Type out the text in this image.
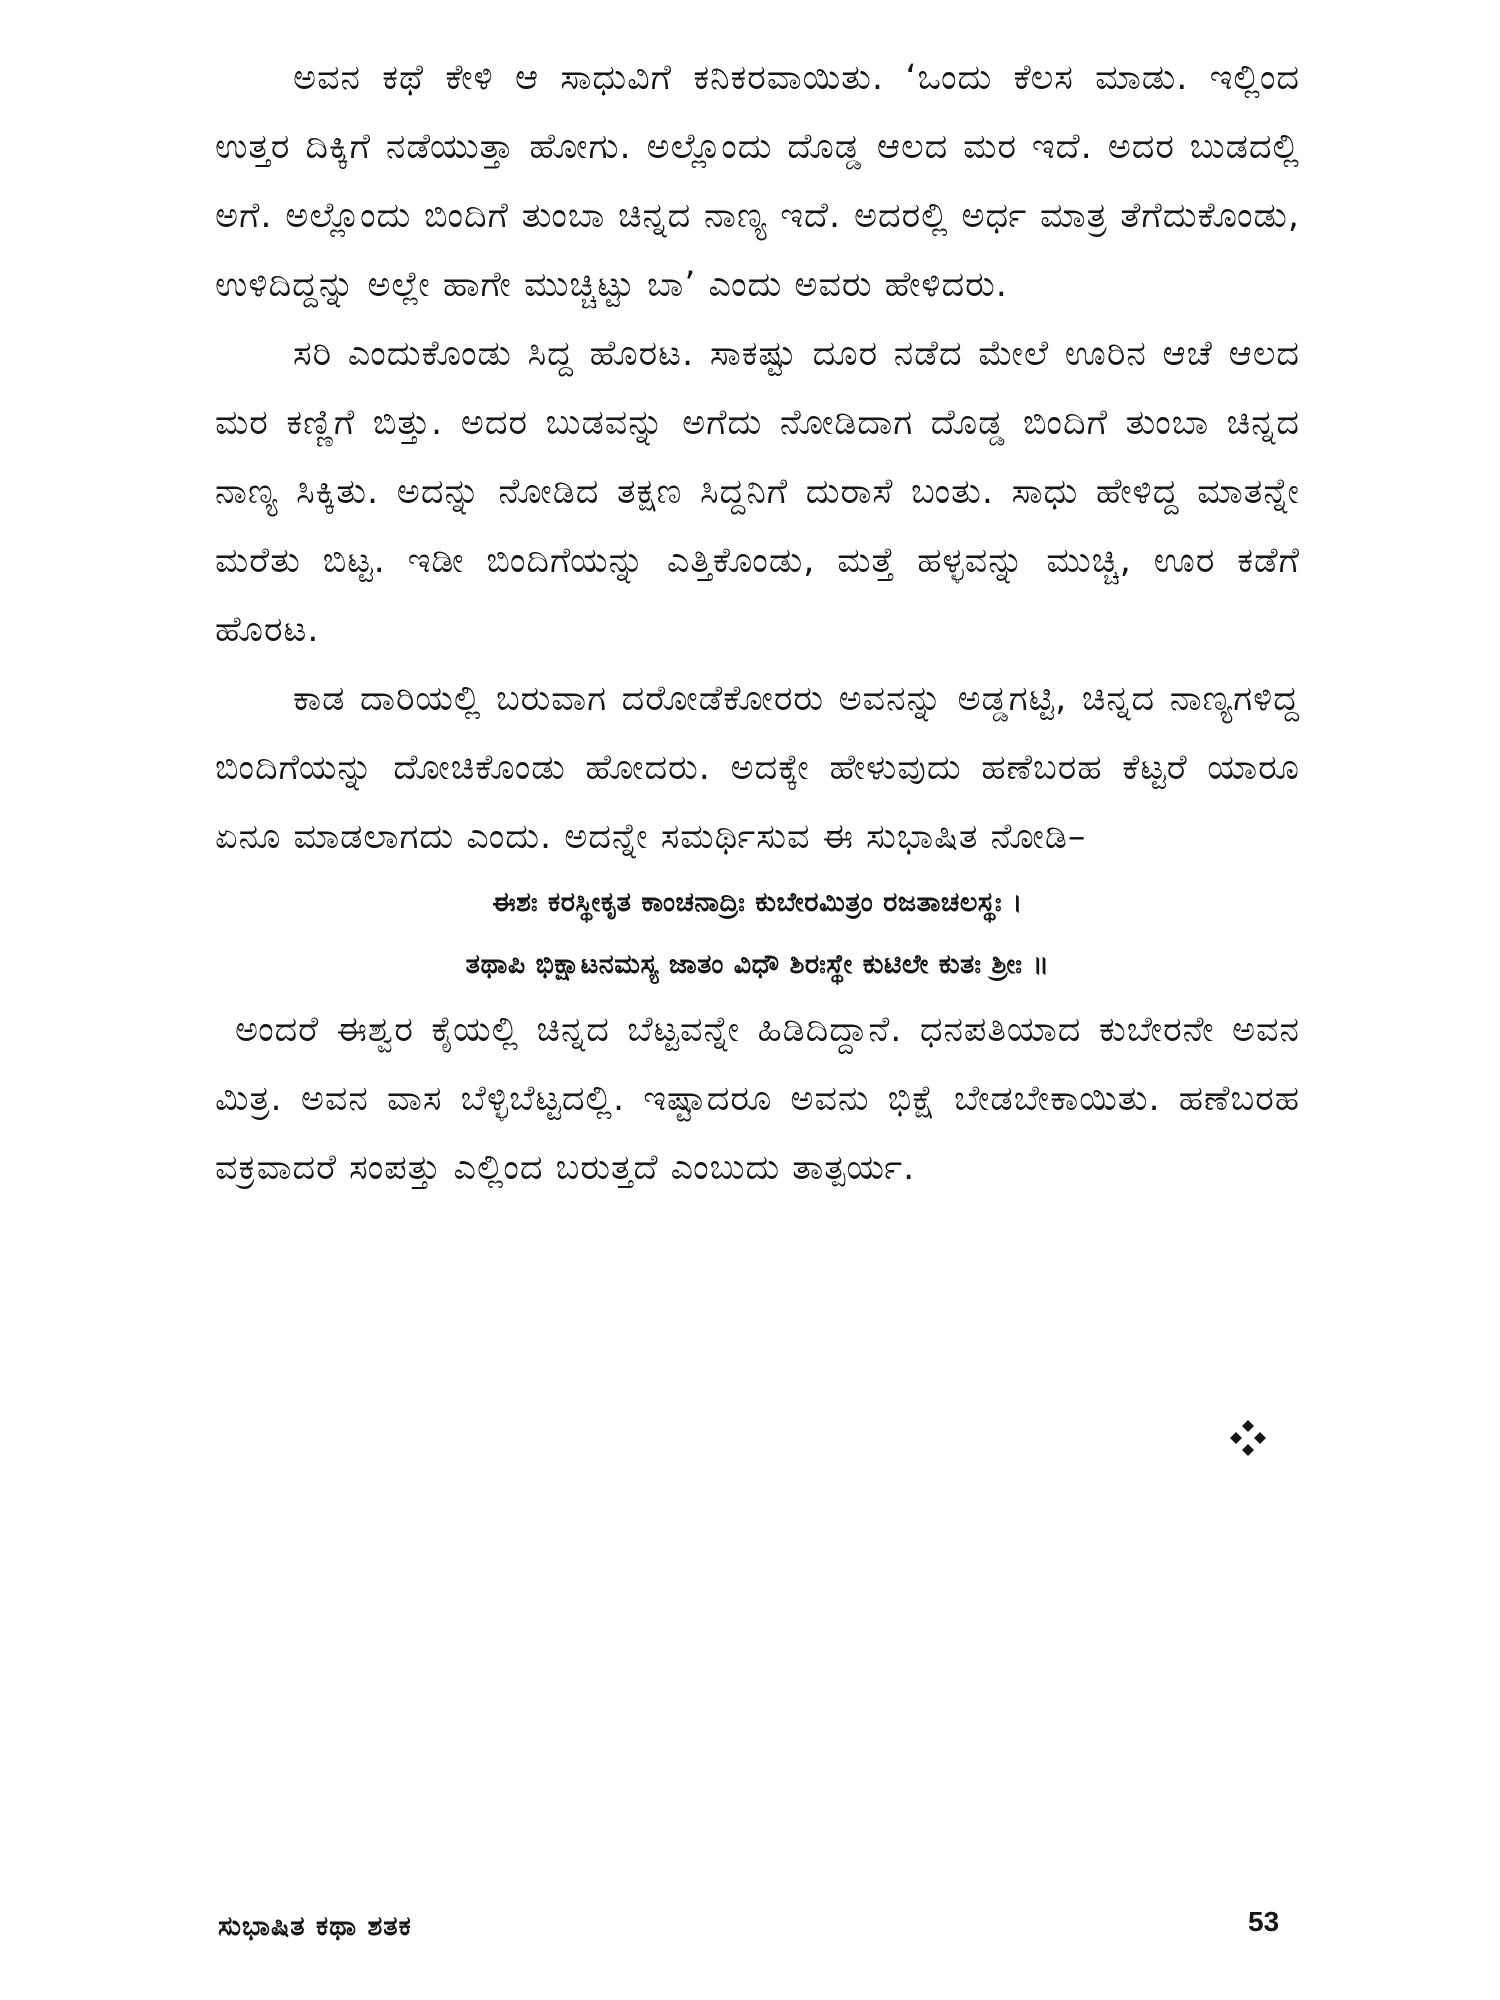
ಅವನ ಕಥೆ ಕೇಳಿ ಆ ಸಾಧುವಿಗೆ ಕನಿಕರವಾಯಿತು. ‘ಒಂದು ಕೆಲಸ ಮಾಡು. ಇಲ್ಲಿಂದ ಉತ್ತರ ದಿಕ್ಕಿಗೆ ನಡೆಯುತ್ತಾ ಹೋಗು. ಅಲ್ಲೊಂದು ದೊಡ್ಡ ಆಲದ ಮರ ಇದೆ. ಅದರ ಬುಡದಲ್ಲಿ ಅಗೆ. ಅಲ್ಲೊಂದು ಬಿಂದಿಗೆ ತುಂಬಾ ಚಿನ್ನದ ನಾಣ್ಯ ಇದೆ. ಅದರಲ್ಲಿ ಅರ್ಧ ಮಾತ್ರ ತೆಗೆದುಕೊಂಡು, ಉಳಿದಿದ್ದನ್ನು ಅಲ್ಲೇ ಹಾಗೇ ಮುಚ್ಚಿಟ್ಟು ಬಾ’ ಎಂದು ಅವರು ಹೇಳಿದರು.

ಸರಿ ಎಂದುಕೊಂಡು ಸಿದ್ದ ಹೊರಟ. ಸಾಕಷ್ಟು ದೂರ ನಡೆದ ಮೇಲೆ ಊರಿನ ಆಚೆ ಆಲದ ಮರ ಕಣ್ಣಿಗೆ ಬಿತ್ತು. ಅದರ ಬುಡವನ್ನು ಅಗೆದು ನೋಡಿದಾಗ ದೊಡ್ಡ ಬಿಂದಿಗೆ ತುಂಬಾ ಚಿನ್ನದ ನಾಣ್ಯ ಸಿಕ್ಕಿತು. ಅದನ್ನು ನೋಡಿದ ತಕ್ಷಣ ಸಿದ್ದನಿಗೆ ದುರಾಸೆ ಬಂತು. ಸಾಧು ಹೇಳಿದ್ದ ಮಾತನ್ನೇ ಮರೆತು ಬಿಟ್ಟ. ಇಡೀ ಬಿಂದಿಗೆಯನ್ನು ಎತ್ತಿಕೊಂಡು, ಮತ್ತೆ ಹಳ್ಳವನ್ನು ಮುಚ್ಚಿ, ಊರ ಕಡೆಗೆ ಹೊರಟ.

ಕಾಡ ದಾರಿಯಲ್ಲಿ ಬರುವಾಗ ದರೋಡೆಕೋರರು ಅವನನ್ನು ಅಡ್ಡಗಟ್ಟಿ, ಚಿನ್ನದ ನಾಣ್ಯಗಳಿದ್ದ ಬಿಂದಿಗೆಯನ್ನು ದೋಚಿಕೊಂಡು ಹೋದರು. ಅದಕ್ಕೇ ಹೇಳುವುದು ಹಣೆಬರಹ ಕೆಟ್ಟರೆ ಯಾರೂ ಏನೂ ಮಾಡಲಾಗದು ಎಂದು. ಅದನ್ನೇ ಸಮರ್ಥಿಸುವ ಈ ಸುಭಾಷಿತ ನೋಡಿ–

ಈಶಃ ಕರಸ್ಥೀಕೃತ ಕಾಂಚನಾದ್ರಿಃ ಕುಬೇರಮಿತ್ರಂ ರಜತಾಚಲಸ್ಥಃ ।

ತಥಾಪಿ ಭಿಕ್ಷಾಟನಮಸ್ಯ ಜಾತಂ ವಿಧೌ ಶಿರಃಸ್ಥೇ ಕುಟಿಲೇ ಕುತಃ ಶ್ರೀಃ ॥

ಅಂದರೆ ಈಶ್ವರ ಕೈಯಲ್ಲಿ ಚಿನ್ನದ ಬೆಟ್ಟವನ್ನೇ ಹಿಡಿದಿದ್ದಾನೆ. ಧನಪತಿಯಾದ ಕುಬೇರನೇ ಅವನ ಮಿತ್ರ. ಅವನ ವಾಸ ಬೆಳ್ಳಿಬೆಟ್ಟದಲ್ಲಿ. ಇಷ್ಟಾದರೂ ಅವನು ಭಿಕ್ಷೆ ಬೇಡಬೇಕಾಯಿತು. ಹಣೆಬರಹ ವಕ್ರವಾದರೆ ಸಂಪತ್ತು ಎಲ್ಲಿಂದ ಬರುತ್ತದೆ ಎಂಬುದು ತಾತ್ಪರ್ಯ.

ಸುಭಾಷಿತ ಕಥಾ ಶತಕ	53
